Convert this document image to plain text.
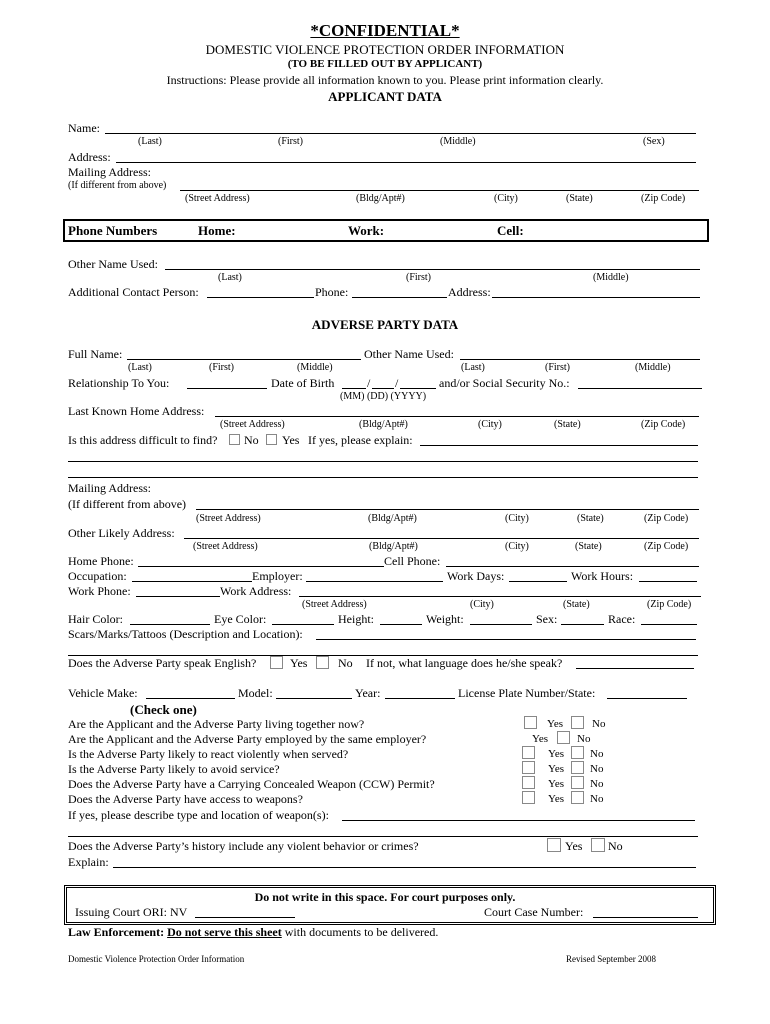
*CONFIDENTIAL*
DOMESTIC VIOLENCE PROTECTION ORDER INFORMATION
(TO BE FILLED OUT BY APPLICANT)
Instructions: Please provide all information known to you. Please print information clearly.
APPLICANT DATA
Name:
(Last)	(First)	(Middle)	(Sex)
Address:
Mailing Address:
(If different from above)
(Street Address)	(Bldg/Apt#)	(City)	(State)	(Zip Code)
Phone Numbers	Home:	Work:	Cell:
Other Name Used:
(Last)	(First)	(Middle)
Additional Contact Person:	Phone:	Address:
ADVERSE PARTY DATA
Full Name:	Other Name Used:
(Last)	(First)	(Middle)	(Last)	(First)	(Middle)
Relationship To You:	Date of Birth	/ /	and/or Social Security No.:
(MM) (DD) (YYYY)
Last Known Home Address:
(Street Address)	(Bldg/Apt#)	(City)	(State)	(Zip Code)
Is this address difficult to find? No Yes If yes, please explain:
Mailing Address:
(If different from above)
(Street Address)	(Bldg/Apt#)	(City)	(State)	(Zip Code)
Other Likely Address:
(Street Address)	(Bldg/Apt#)	(City)	(State)	(Zip Code)
Home Phone:	Cell Phone:
Occupation:	Employer:	Work Days:	Work Hours:
Work Phone:	Work Address:
(Street Address)	(City)	(State)	(Zip Code)
Hair Color:	Eye Color:	Height:	Weight:	Sex:	Race:
Scars/Marks/Tattoos (Description and Location):
Does the Adverse Party speak English?	Yes	No If not, what language does he/she speak?
Vehicle Make:	Model:	Year:	License Plate Number/State:
(Check one)
Are the Applicant and the Adverse Party living together now?	Yes	No
Are the Applicant and the Adverse Party employed by the same employer?	Yes	No
Is the Adverse Party likely to react violently when served?	Yes No
Is the Adverse Party likely to avoid service?	Yes No
Does the Adverse Party have a Carrying Concealed Weapon (CCW) Permit?	Yes No
Does the Adverse Party have access to weapons?	Yes No
If yes, please describe type and location of weapon(s):
Does the Adverse Party’s history include any violent behavior or crimes?	Yes No
Explain:
Do not write in this space. For court purposes only.
Issuing Court ORI: NV	Court Case Number:
Law Enforcement: Do not serve this sheet with documents to be delivered.
Domestic Violence Protection Order Information	Revised September 2008
